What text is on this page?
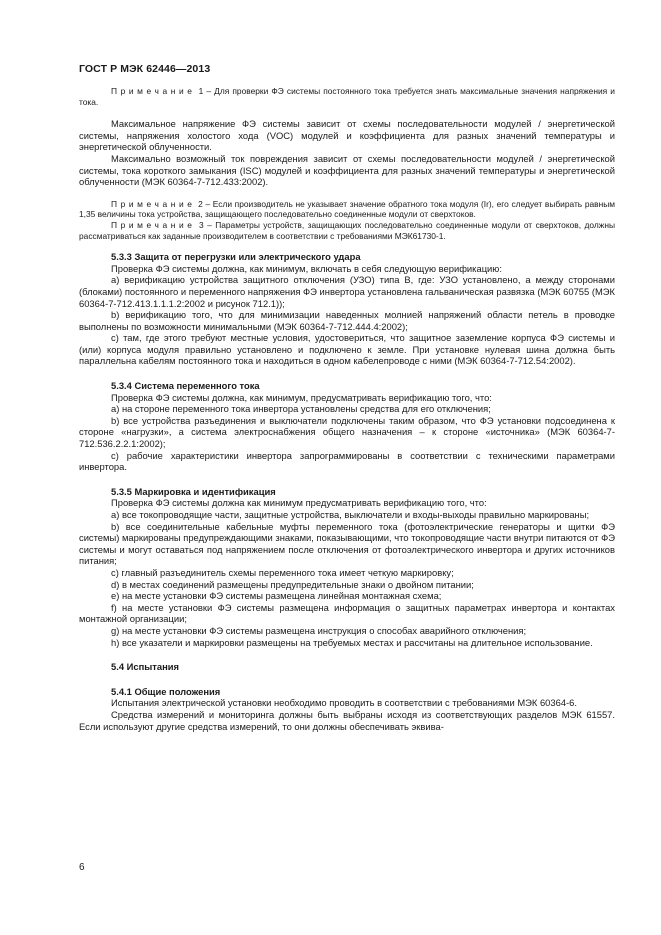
ГОСТ Р МЭК 62446—2013

Примечание 1 – Для проверки ФЭ системы постоянного тока требуется знать максимальные значения напряжения и тока.

Максимальное напряжение ФЭ системы зависит от схемы последовательности модулей / энергетической системы, напряжения холостого хода (VOC) модулей и коэффициента для разных значений температуры и энергетической облученности.

Максимально возможный ток повреждения зависит от схемы последовательности модулей / энергетической системы, тока короткого замыкания (ISC) модулей и коэффициента для разных значений температуры и энергетической облученности (МЭК 60364-7-712.433:2002).

Примечание 2 – Если производитель не указывает значение обратного тока модуля (Ir), его следует выбирать равным 1,35 величины тока устройства, защищающего последовательно соединенные модули от сверхтоков.

Примечание 3 – Параметры устройств, защищающих последовательно соединенные модули от сверхтоков, должны рассматриваться как заданные производителем в соответствии с требованиями МЭК61730-1.

5.3.3 Защита от перегрузки или электрического удара

Проверка ФЭ системы должна, как минимум, включать в себя следующую верификацию:

a) верификацию устройства защитного отключения (УЗО) типа B, где: УЗО установлено, а между сторонами (блоками) постоянного и переменного напряжения ФЭ инвертора установлена гальваническая развязка (МЭК 60755 (МЭК 60364-7-712.413.1.1.1.2:2002 и рисунок 712.1));

b) верификацию того, что для минимизации наведенных молнией напряжений области петель в проводке выполнены по возможности минимальными (МЭК 60364-7-712.444.4:2002);

c) там, где этого требуют местные условия, удостовериться, что защитное заземление корпуса ФЭ системы и (или) корпуса модуля правильно установлено и подключено к земле. При установке нулевая шина должна быть параллельна кабелям постоянного тока и находиться в одном кабелепроводе с ними (МЭК 60364-7-712.54:2002).

5.3.4 Система переменного тока

Проверка ФЭ системы должна, как минимум, предусматривать верификацию того, что:

a) на стороне переменного тока инвертора установлены средства для его отключения;

b) все устройства разъединения и выключатели подключены таким образом, что ФЭ установки подсоединена к стороне «нагрузки», а система электроснабжения общего назначения – к стороне «источника» (МЭК 60364-7-712.536.2.2.1:2002);

c) рабочие характеристики инвертора запрограммированы в соответствии с техническими параметрами инвертора.

5.3.5 Маркировка и идентификация

Проверка ФЭ системы должна как минимум предусматривать верификацию того, что:

a) все токопроводящие части, защитные устройства, выключатели и входы-выходы правильно маркированы;

b) все соединительные кабельные муфты переменного тока (фотоэлектрические генераторы и щитки ФЭ системы) маркированы предупреждающими знаками, показывающими, что токопроводящие части внутри питаются от ФЭ системы и могут оставаться под напряжением после отключения от фотоэлектрического инвертора и других источников питания;

c) главный разъединитель схемы переменного тока имеет четкую маркировку;

d) в местах соединений размещены предупредительные знаки о двойном питании;

e) на месте установки ФЭ системы размещена линейная монтажная схема;

f) на месте установки ФЭ системы размещена информация о защитных параметрах инвертора и контактах монтажной организации;

g) на месте установки ФЭ системы размещена инструкция о способах аварийного отключения;

h) все указатели и маркировки размещены на требуемых местах и рассчитаны на длительное использование.

5.4 Испытания

5.4.1 Общие положения

Испытания электрической установки необходимо проводить в соответствии с требованиями МЭК 60364-6.

Средства измерений и мониторинга должны быть выбраны исходя из соответствующих разделов МЭК 61557. Если используют другие средства измерений, то они должны обеспечивать эквива-

6
